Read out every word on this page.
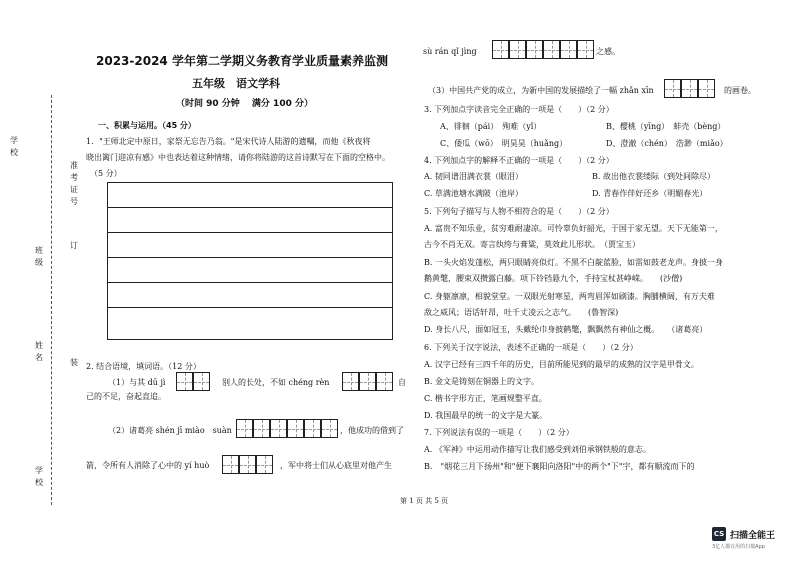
2023-2024 学年第二学期义务教育学业质量素养监测
五年级　语文学科
（时间 90 分钟　 满分 100 分）
学校
姓名
班级
学校
准考证号
订
装
一、积累与运用。（45 分）
1．"王师北定中原日，家祭无忘告乃翁。"是宋代诗人陆游的遗嘱，而他《秋夜将
晓出篱门迎凉有感》中也表达着这种情绪，请你将陆游的这首诗默写在下面的空格中。
（5 分）
2. 结合语境，填词语。（12 分）
（1）与其 dū jì	别人的长处，不如 chéng rèn	自
己的不足，奋起直追。
（2）诸葛亮 shén jī miào　suàn	，他成功的借到了
箭，令所有人消除了心中的 yí huò	，军中将士们从心底里对他产生
sù rán qǐ jìng	之感。
（3）中国共产党的成立，为新中国的发展描绘了一幅 zhǎn xīn	的画卷。
3. 下列加点字读音完全正确的一项是（　　）（2 分）
A、徘徊（pái）　殉难（yǐ）	B、樱桃（yīng）　蚌壳（bèng）
C、倭瓜（wō）　明昊昊（huǎng）	D、澄澈（chén）　浩渺（miǎo）
4. 下列加点字的解释不正确的一项是（　　）（2 分）
A. 韧同谱泪满衣裳（眼泪）	B. 故出他衣裳缕际（到处间除尽）
C. 草满池塘水满陂（池岸）	D. 青春作伴好还乡（明媚春光）
5. 下列句子描写与人物不相符合的是（　　）（2 分）
A. 富贵不知乐业，贫穷难耐凄凉。可怜辜负好韶光，于国于家无望。天下无能第一，
古今不肖无双。寄言纨绔与膏粱，莫效此儿形状。　（贾宝玉）
B. 一头火焰发蓬松，两只眼睛亮似灯。不黑不白靛蓝脸，如雷如鼓老龙声。身披一身
鹅黄氅，腰束双攒露白藤。项下铃铛悬九个，手持宝杖甚峥嵘。　　(沙僧)
C. 身躯凛凛，相貌堂堂。一双眼光射寒星，两弯眉浑如刷漆。胸脯横阔，有万夫难
敌之威风；语话轩昂，吐千丈凌云之志气。　　(鲁智深)
D. 身长八尺，面如冠玉，头戴纶巾身披鹤氅，飘飘然有神仙之概。　　（诸葛亮）
6. 下列关于汉字说法，表述不正确的一项是（　　）（2 分）
A. 汉字已经有三四千年的历史，目前所能见到的最早的成熟的汉字是甲骨文。
B. 金文是铸刻在铜器上的文字。
C. 楷书字形方正，笔画规整平直。
D. 我国最早的统一的文字是大篆。
7. 下列说法有误的一项是（　　）（2 分）
A. 《军神》中运用动作描写让我们感受到刘伯承钢铁般的意志。
B.　"烟花三月下扬州"和"便下襄阳向洛阳"中的两个"下"字，都有顺流而下的
第 1 页 共 5 页
CS 扫描全能王
3亿人都在用的扫描App
